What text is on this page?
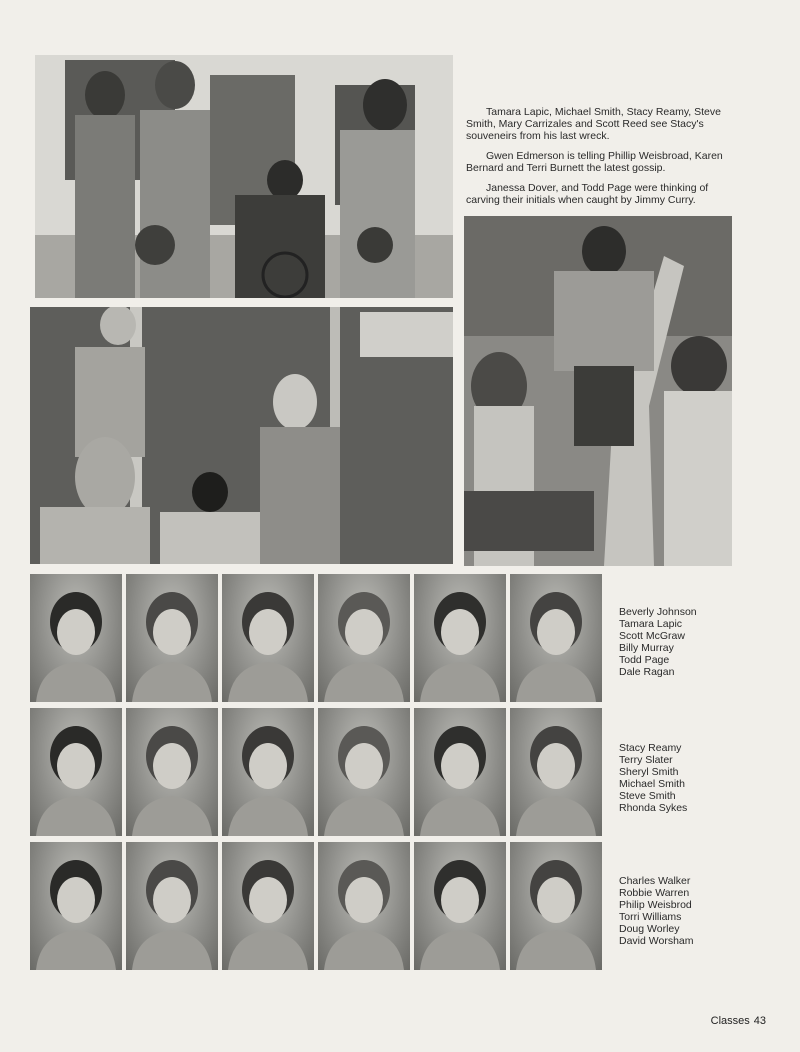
Tamara Lapic, Michael Smith, Stacy Reamy, Steve Smith, Mary Carrizales and Scott Reed see Stacy's souveneirs from his last wreck.

Gwen Edmerson is telling Phillip Weisbroad, Karen Bernard and Terri Burnett the latest gossip.

Janessa Dover, and Todd Page were thinking of carving their initials when caught by Jimmy Curry.

Beverly Johnson
Tamara Lapic
Scott McGraw
Billy Murray
Todd Page
Dale Ragan
Stacy Reamy
Terry Slater
Sheryl Smith
Michael Smith
Steve Smith
Rhonda Sykes
Charles Walker
Robbie Warren
Philip Weisbrod
Torri Williams
Doug Worley
David Worsham
Classes 43
